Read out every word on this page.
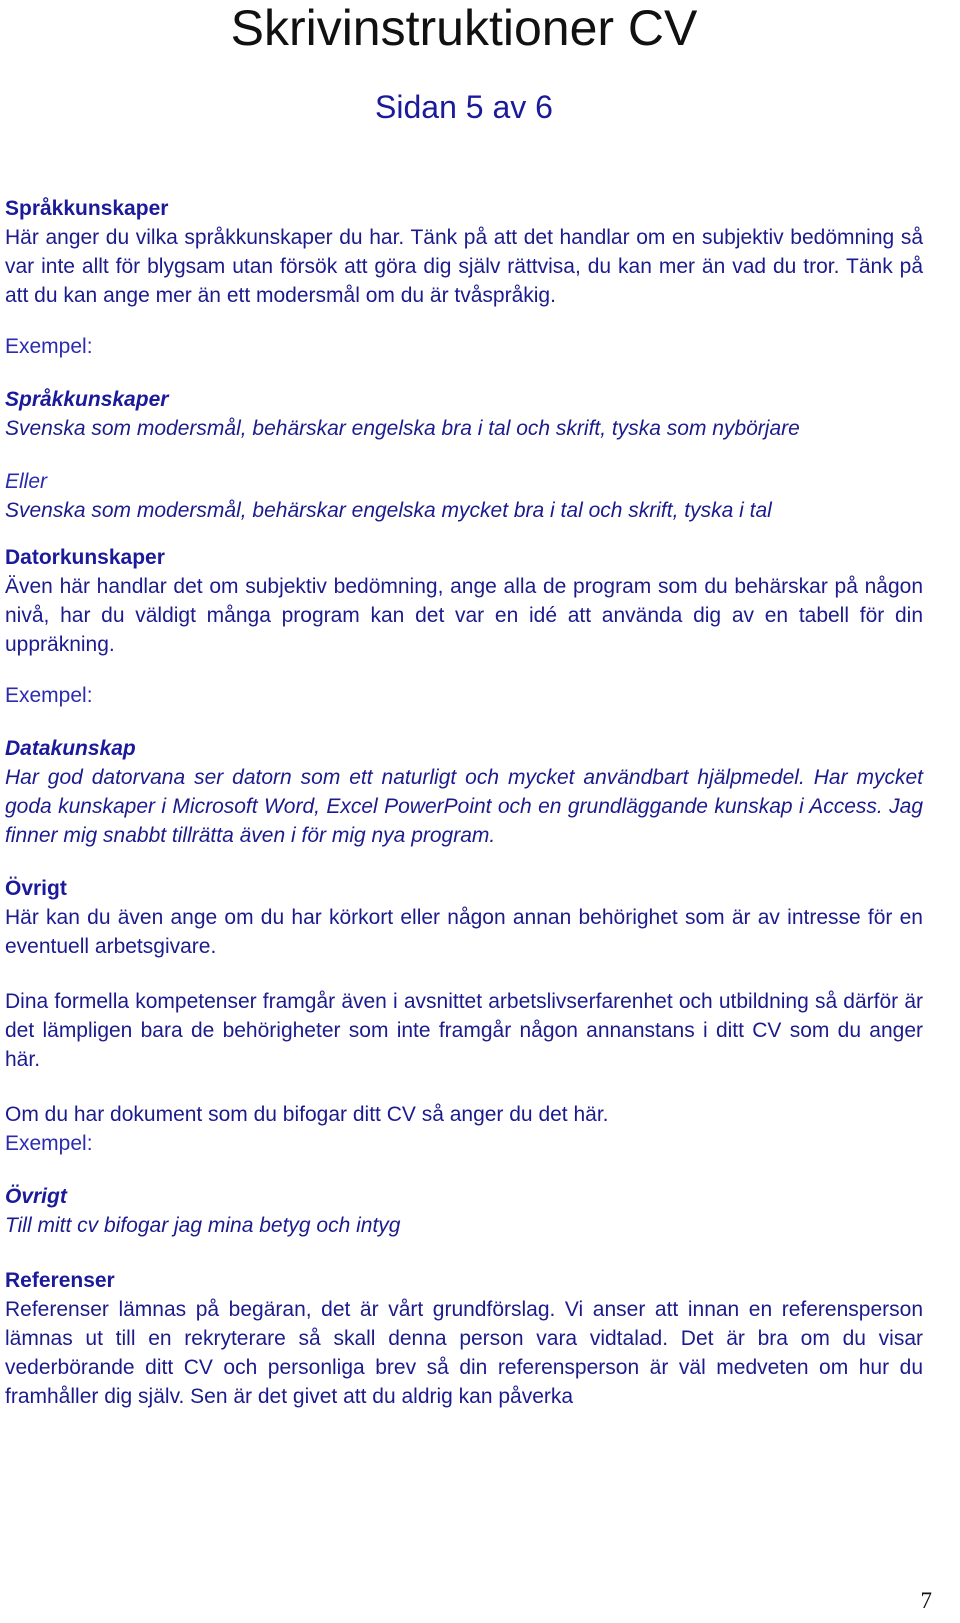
Skrivinstruktioner CV
Sidan 5 av 6
Språkkunskaper
Här anger du vilka språkkunskaper du har. Tänk på att det handlar om en subjektiv bedömning så var inte allt för blygsam utan försök att göra dig själv rättvisa, du kan mer än vad du tror. Tänk på att du kan ange mer än ett modersmål om du är tvåspråkig.
Exempel:
Språkkunskaper
Svenska som modersmål, behärskar engelska bra i tal och skrift, tyska som nybörjare
Eller
Svenska som modersmål, behärskar engelska mycket bra i tal och skrift, tyska i tal
Datorkunskaper
Även här handlar det om subjektiv bedömning, ange alla de program som du behärskar på någon nivå, har du väldigt många program kan det var en idé att använda dig av en tabell för din uppräkning.
Exempel:
Datakunskap
Har god datorvana ser datorn som ett naturligt och mycket användbart hjälpmedel. Har mycket goda kunskaper i Microsoft Word, Excel PowerPoint och en grundläggande kunskap i Access. Jag finner mig snabbt tillrätta även i för mig nya program.
Övrigt
Här kan du även ange om du har körkort eller någon annan behörighet som är av intresse för en eventuell arbetsgivare.
Dina formella kompetenser framgår även i avsnittet arbetslivserfarenhet och utbildning så därför är det lämpligen bara de behörigheter som inte framgår någon annanstans i ditt CV som du anger här.
Om du har dokument som du bifogar ditt CV så anger du det här.
Exempel:
Övrigt
Till mitt cv bifogar jag mina betyg och intyg
Referenser
Referenser lämnas på begäran, det är vårt grundförslag. Vi anser att innan en referensperson lämnas ut till en rekryterare så skall denna person vara vidtalad. Det är bra om du visar vederbörande ditt CV och personliga brev så din referensperson är väl medveten om hur du framhåller dig själv. Sen är det givet att du aldrig kan påverka
7
